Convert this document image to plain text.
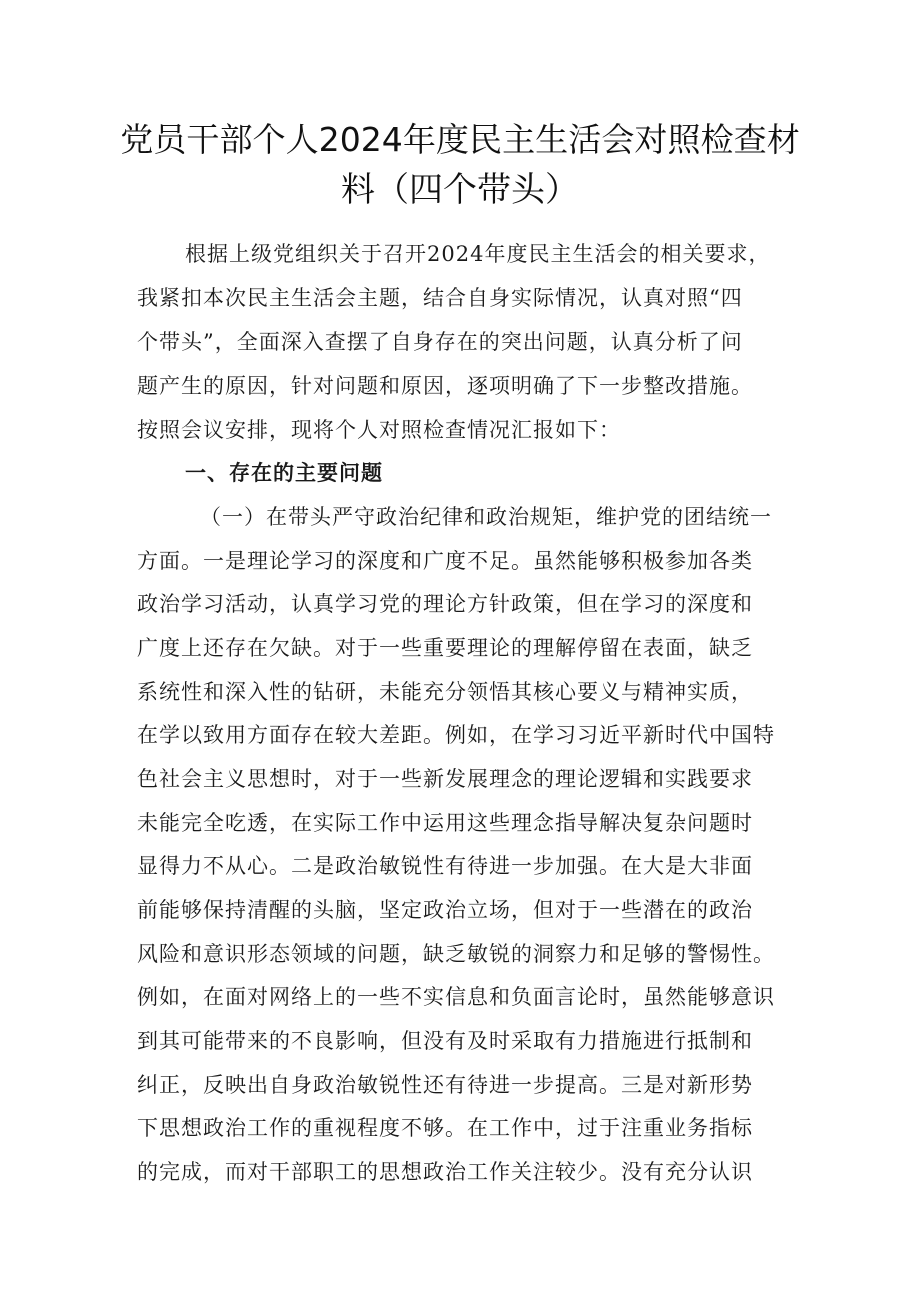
党员干部个人2024年度民主生活会对照检查材
料（四个带头）
根据上级党组织关于召开2024年度民主生活会的相关要求，
我紧扣本次民主生活会主题，结合自身实际情况，认真对照“四
个带头”，全面深入查摆了自身存在的突出问题，认真分析了问
题产生的原因，针对问题和原因，逐项明确了下一步整改措施。
按照会议安排，现将个人对照检查情况汇报如下：
一、存在的主要问题
（一）在带头严守政治纪律和政治规矩，维护党的团结统一
方面。一是理论学习的深度和广度不足。虽然能够积极参加各类
政治学习活动，认真学习党的理论方针政策，但在学习的深度和
广度上还存在欠缺。对于一些重要理论的理解停留在表面，缺乏
系统性和深入性的钻研，未能充分领悟其核心要义与精神实质，
在学以致用方面存在较大差距。例如，在学习习近平新时代中国特
色社会主义思想时，对于一些新发展理念的理论逻辑和实践要求
未能完全吃透，在实际工作中运用这些理念指导解决复杂问题时
显得力不从心。二是政治敏锐性有待进一步加强。在大是大非面
前能够保持清醒的头脑，坚定政治立场，但对于一些潜在的政治
风险和意识形态领域的问题，缺乏敏锐的洞察力和足够的警惕性。
例如，在面对网络上的一些不实信息和负面言论时，虽然能够意识
到其可能带来的不良影响，但没有及时采取有力措施进行抵制和
纠正，反映出自身政治敏锐性还有待进一步提高。三是对新形势
下思想政治工作的重视程度不够。在工作中，过于注重业务指标
的完成，而对干部职工的思想政治工作关注较少。没有充分认识
